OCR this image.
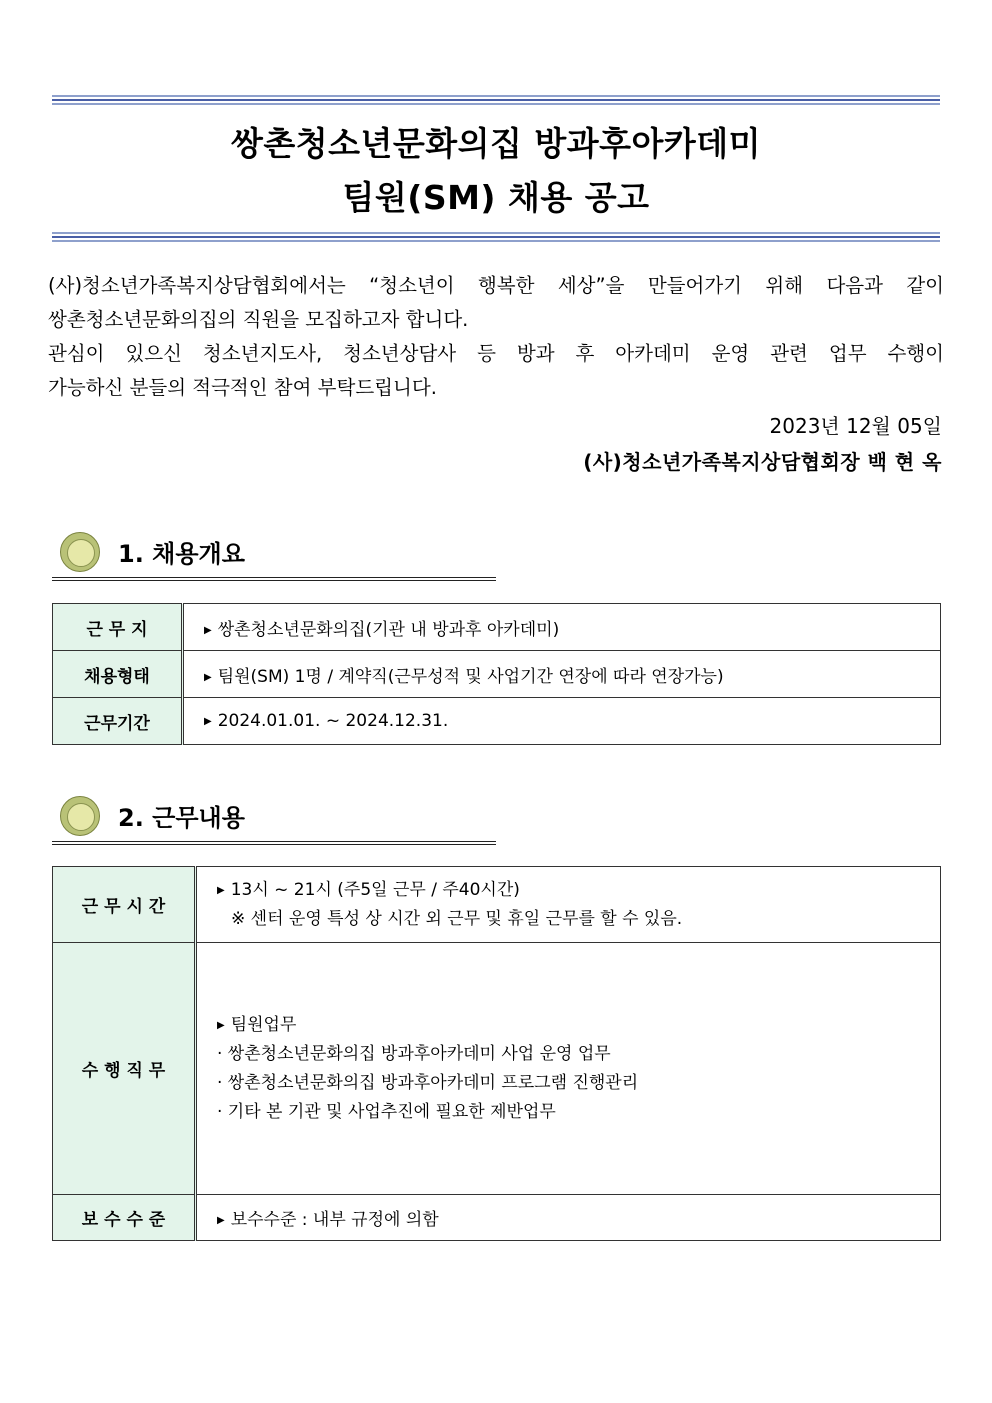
쌍촌청소년문화의집 방과후아카데미
팀원(SM) 채용 공고

(사)청소년가족복지상담협회에서는 “청소년이 행복한 세상”을 만들어가기 위해 다음과 같이

쌍촌청소년문화의집의 직원을 모집하고자 합니다.

관심이 있으신 청소년지도사, 청소년상담사 등 방과 후 아카데미 운영 관련 업무 수행이

가능하신 분들의 적극적인 참여 부탁드립니다.

2023년 12월 05일
(사)청소년가족복지상담협회장 백 현 옥
1. 채용개요
근 무 지	▶ 쌍촌청소년문화의집(기관 내 방과후 아카데미)
채용형태	▶ 팀원(SM) 1명 / 계약직(근무성적 및 사업기간 연장에 따라 연장가능)
근무기간	▶ 2024.01.01. ~ 2024.12.31.
2. 근무내용
근 무 시 간	▶ 13시 ~ 21시 (주5일 근무 / 주40시간)
※ 센터 운영 특성 상 시간 외 근무 및 휴일 근무를 할 수 있음.

수 행 직 무	▶ 팀원업무
· 쌍촌청소년문화의집 방과후아카데미 사업 운영 업무
· 쌍촌청소년문화의집 방과후아카데미 프로그램 진행관리
· 기타 본 기관 및 사업추진에 필요한 제반업무

보 수 수 준	▶ 보수수준 : 내부 규정에 의함
